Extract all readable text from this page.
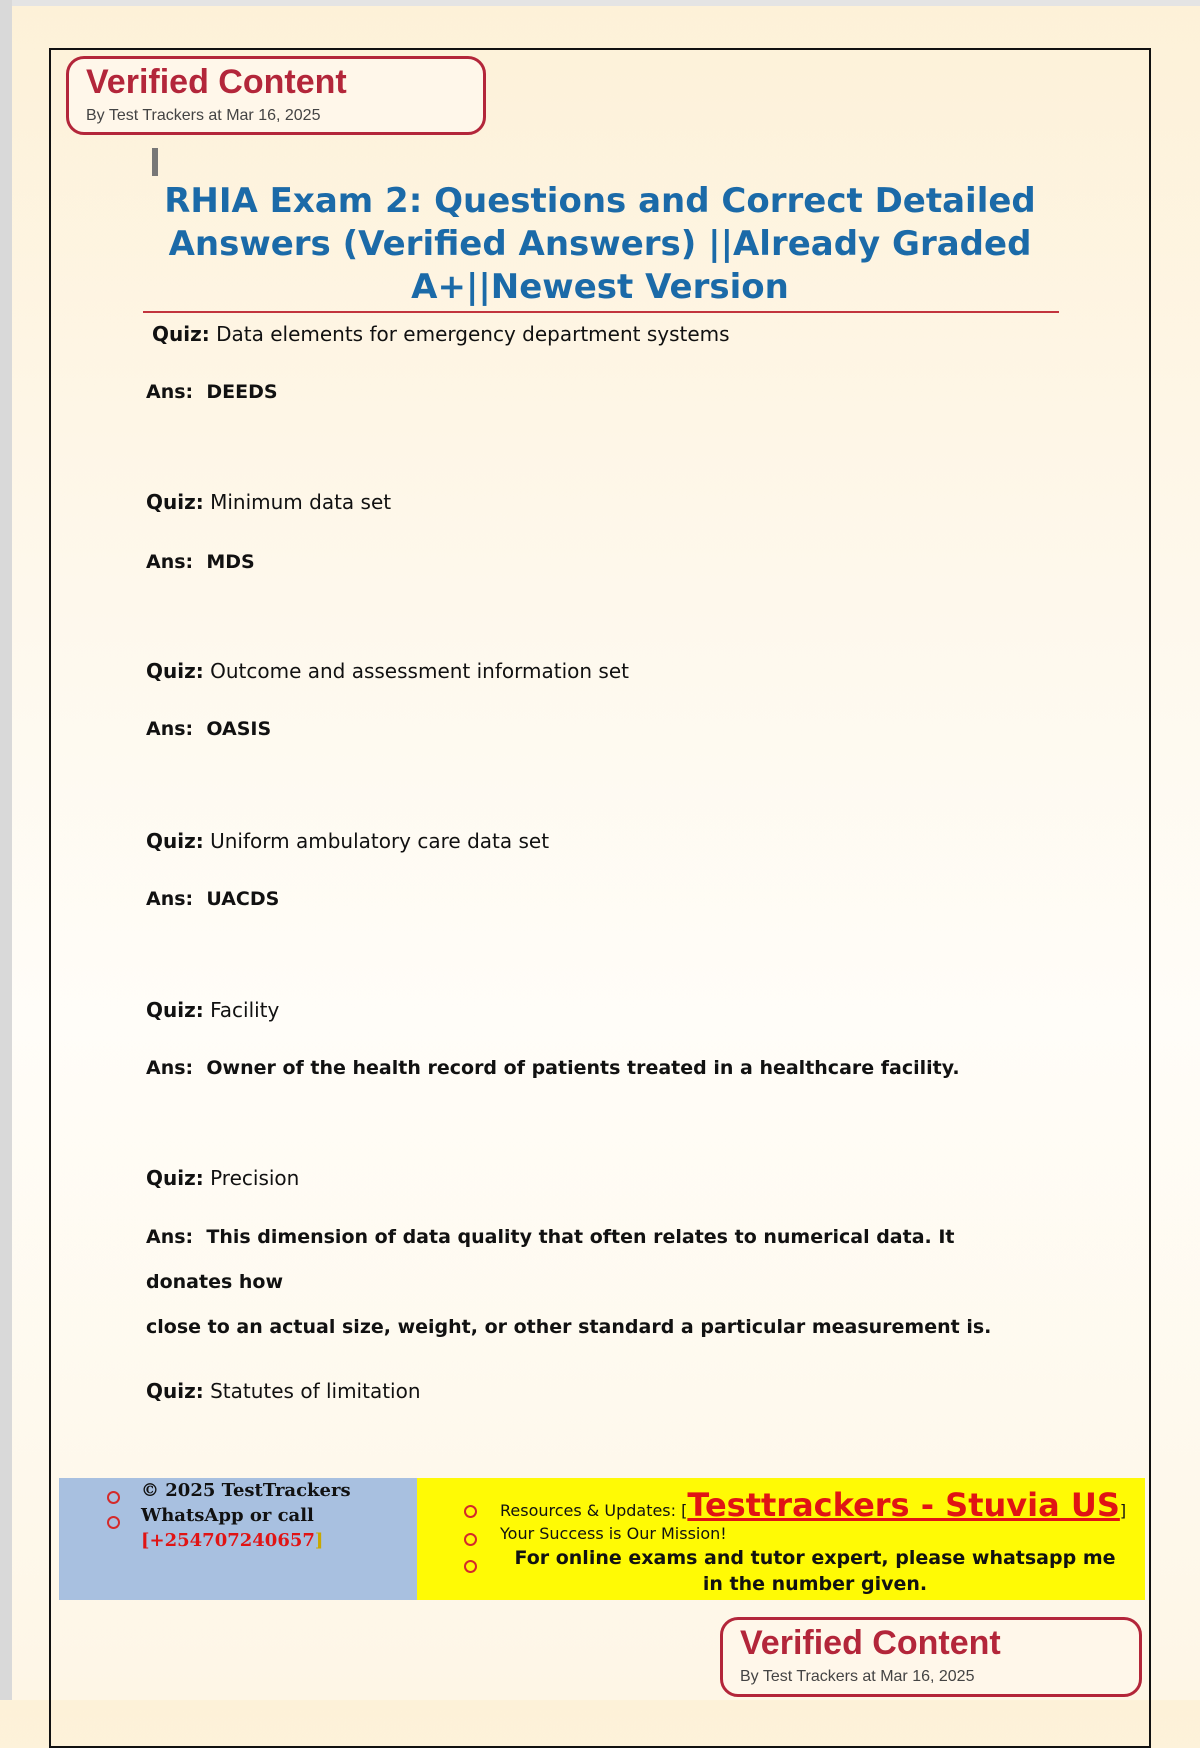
Verified Content
By Test Trackers at Mar 16, 2025
RHIA Exam 2: Questions and Correct Detailed
Answers (Verified Answers) ||Already Graded
A+||Newest Version
Quiz: Data elements for emergency department systems
Ans: DEEDS
Quiz: Minimum data set
Ans: MDS
Quiz: Outcome and assessment information set
Ans: OASIS
Quiz: Uniform ambulatory care data set
Ans: UACDS
Quiz: Facility
Ans: Owner of the health record of patients treated in a healthcare facility.
Quiz: Precision
Ans: This dimension of data quality that often relates to numerical data. It donates how
close to an actual size, weight, or other standard a particular measurement is.
Quiz: Statutes of limitation
© 2025 TestTrackers
WhatsApp or call
[+254707240657]
Resources & Updates: [Testtrackers - Stuvia US]
Your Success is Our Mission!
For online exams and tutor expert, please whatsapp me
in the number given.
Verified Content
By Test Trackers at Mar 16, 2025
